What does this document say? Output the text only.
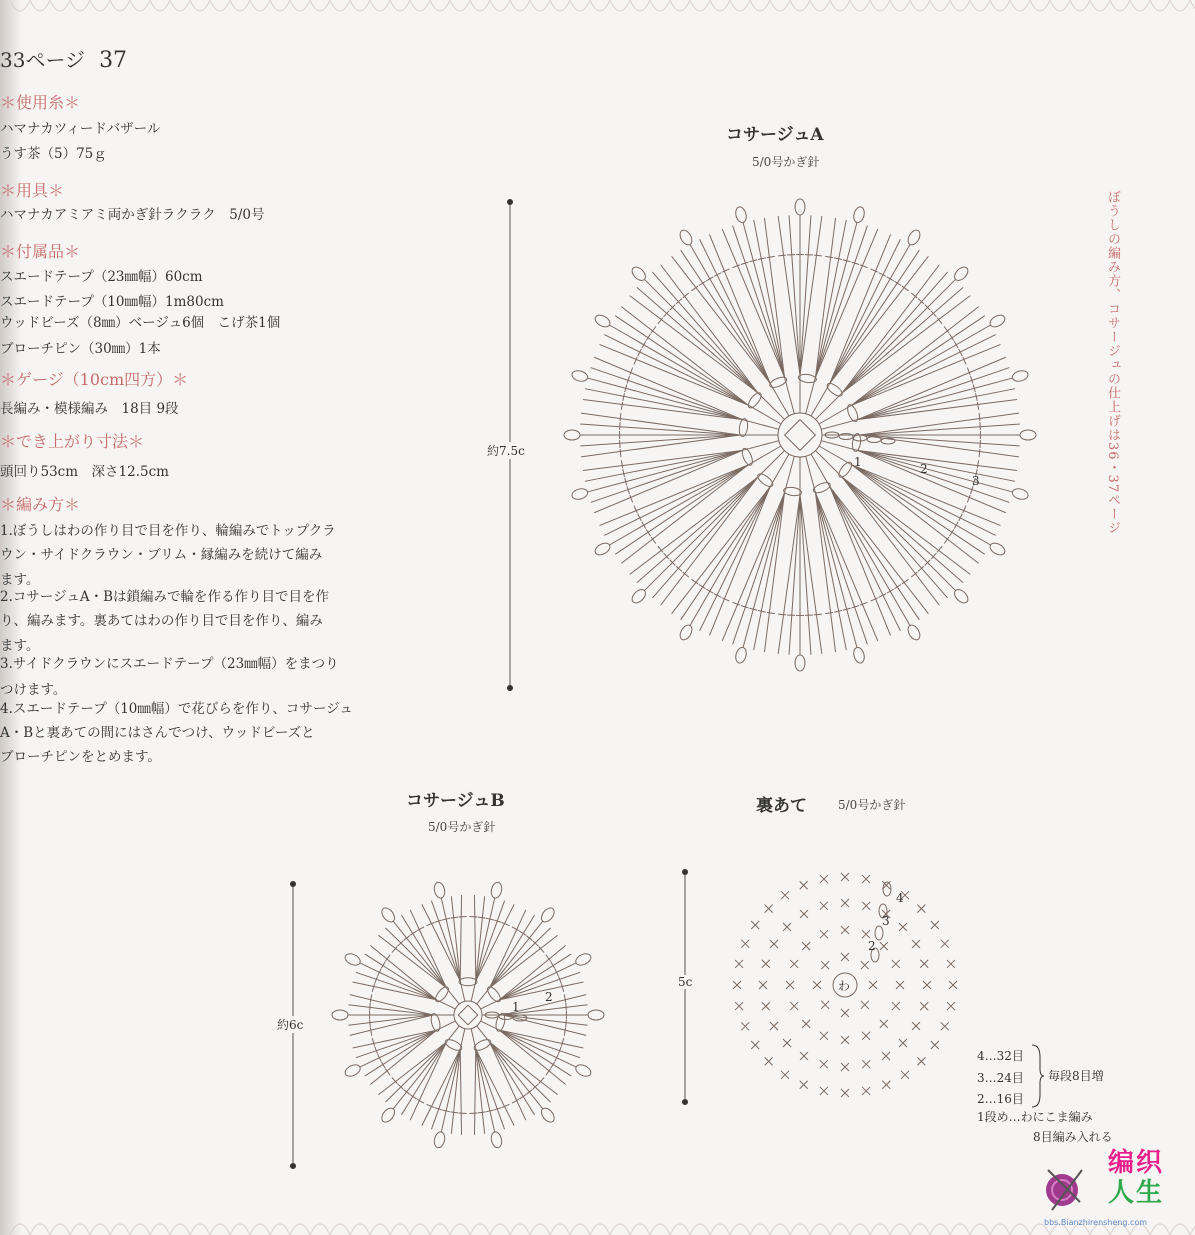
33ページ 37
＊使用糸＊
ハマナカツィードバザール
うす茶（5）75ｇ
＊用具＊
ハマナカアミアミ両かぎ針ラクラク　5/0号
＊付属品＊
スエードテープ（23㎜幅）60cm
スエードテープ（10㎜幅）1m80cm
ウッドビーズ（8㎜）ベージュ6個　こげ茶1個
ブローチピン（30㎜）1本
＊ゲージ（10cm四方）＊
長編み・模様編み　18目 9段
＊でき上がり寸法＊
頭回り53cm　深さ12.5cm
＊編み方＊
1.ぼうしはわの作り目で目を作り、輪編みでトップクラ
ウン・サイドクラウン・ブリム・縁編みを続けて編み
ます。
2.コサージュA・Bは鎖編みで輪を作る作り目で目を作
り、編みます。裏あてはわの作り目で目を作り、編み
ます。
3.サイドクラウンにスエードテープ（23㎜幅）をまつり
つけます。
4.スエードテープ（10㎜幅）で花びらを作り、コサージュ
A・Bと裏あての間にはさんでつけ、ウッドビーズと
ブローチピンをとめます。
ぼうしの編み方、コサージュの仕上げは36・37ページ
コサージュA
5/0号かぎ針
約7.5c
1	2
3
コサージュB
5/0号かぎ針
約6c
1
2
裏あて	5/0号かぎ針
5c	わ
2
3
4
4…32目
3…24目
2…16目
1段め…わにこま編み
8目編み入れる
毎段8目増
编织
人生
bbs.Bianzhirensheng.com
